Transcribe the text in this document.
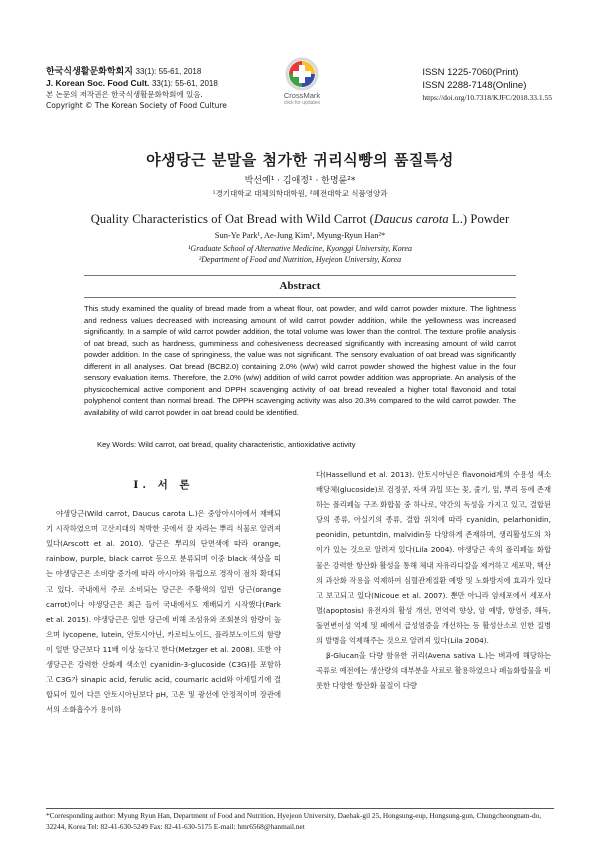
한국식생활문화학회지 33(1): 55-61, 2018
J. Korean Soc. Food Cult. 33(1): 55-61, 2018
본 논문의 저작권은 한국식생활문화학회에 있음.
Copyright © The Korean Society of Food Culture
CrossMark
click for updates
ISSN 1225-7060(Print)
ISSN 2288-7148(Online)
https://doi.org/10.7318/KJFC/2018.33.1.55
야생당근 분말을 첨가한 귀리식빵의 품질특성
박선예¹ · 김애정¹ · 한명륜²*
¹경기대학교 대체의학대학원, ²혜전대학교 식품영양과
Quality Characteristics of Oat Bread with Wild Carrot (Daucus carota L.) Powder
Sun-Ye Park¹, Ae-Jung Kim¹, Myung-Ryun Han²*
¹Graduate School of Alternative Medicine, Kyonggi University, Korea
²Department of Food and Nutrition, Hyejeon University, Korea
Abstract
This study examined the quality of bread made from a wheat flour, oat powder, and wild carrot powder mixture. The lightness and redness values decreased with increasing amount of wild carrot powder addition, while the yellowness was increased significantly. In a sample of wild carrot powder addition, the total volume was lower than the control. The texture profile analysis of oat bread, such as hardness, gumminess and cohesiveness decreased significantly with increasing amount of wild carrot powder addition. In the case of springiness, the value was not significant. The sensory evaluation of oat bread was significantly different in all analyses. Oat bread (BCB2.0) containing 2.0% (w/w) wild carrot powder showed the highest value in the four sensory evaluation items. Therefore, the 2.0% (w/w) addition of wild carrot powder addition was appropriate. An analysis of the physicochemical active component and DPPH scavenging activity of oat bread revealed a higher total flavonoid and total polyphenol content than normal bread. The DPPH scavenging activity was also 20.3% compared to the wild carrot powder. The availability of wild carrot powder in oat bread could be identified.
Key Words: Wild carrot, oat bread, quality characteristic, antioxidative activity
Ⅰ. 서 론

야생당근(Wild carrot, Daucus carota L.)은 중앙아시아에서 재배되기 시작하였으며 고산지대의 척박한 곳에서 잘 자라는 뿌리 식물로 알려져 있다(Arscott et al. 2010). 당근은 뿌리의 단면색에 따라 orange, rainbow, purple, black carrot 등으로 분류되며 이중 black 색상을 띠는 야생당근은 소비량 증가에 따라 아시아와 유럽으로 경작이 점차 확대되고 있다. 국내에서 주로 소비되는 당근은 주황색의 일반 당근(orange carrot)이나 야생당근은 최근 들어 국내에서도 재배되기 시작했다(Park et al. 2015). 야생당근은 일반 당근에 비해 조섬유와 조회분의 함량이 높으며 lycopene, lutein, 안토시아닌, 카로티노이드, 플라보노이드의 함량이 일반 당근보다 11배 이상 높다고 한다(Metzger et al. 2008). 또한 야생당근은 강력한 산화제 색소인 cyanidin-3-glucoside (C3G)를 포함하고 C3G가 sinapic acid, ferulic acid, coumaric acid와 아세틸기에 결합되어 있어 다른 안토시아닌보다 pH, 고온 및 광선에 안정적이며 장관에서의 소화흡수가 용이하

다(Hassellund et al. 2013). 안토시아닌은 flavonoid계의 수용성 색소 배당체(glucoside)로 검정콩, 자색 과일 또는 꽃, 줄기, 잎, 뿌리 등에 존재하는 폴리페놀 구조 화합물 중 하나로, 약간의 독성을 가지고 있고, 결합된 당의 종류, 아실기의 종류, 결합 위치에 따라 cyanidin, pelarhonidin, peonidin, petuntdin, malvidin등 다양하게 존재하며, 생리활성도의 차이가 있는 것으로 알려져 있다(Lila 2004). 야생당근 속의 폴리페놀 화합물은 강력한 항산화 활성을 통해 체내 자유라디칼을 제거하고 세포막, 핵산의 과산화 작용을 억제하여 심혈관계질환 예방 및 노화방지에 효과가 있다고 보고되고 있다(Nicoue et al. 2007). 뿐만 아니라 암세포에서 세포사멸(apoptosis) 유전자의 활성 개선, 면역력 향상, 암 예방, 항염증, 해독, 돌연변이성 억제 및 폐에서 급성염증을 개선하는 등 활성산소로 인한 질병의 발병을 억제해주는 것으로 알려져 있다(Lila 2004).

β-Glucan을 다량 함유한 귀리(Avena sativa L.)는 벼과에 해당하는 곡류로 예전에는 생산량의 대부분을 사료로 활용하였으나 페놀화합물을 비롯한 다양한 항산화 물질이 다량

*Corresponding author: Myung Ryun Han, Department of Food and Nutrition, Hyejeon University, Daehak-gil 25, Hongsung-eup, Hongsung-gun, Chungcheongnam-do, 32244, Korea Tel: 82-41-630-5249 Fax: 82-41-630-5175 E-mail: hmr6568@hanmail.net
